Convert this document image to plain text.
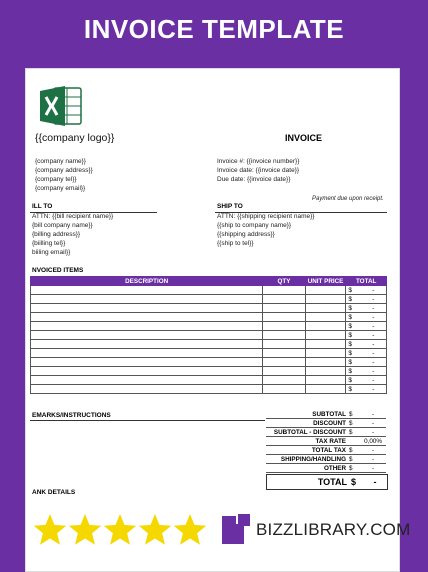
INVOICE TEMPLATE
{{company logo}}	INVOICE
{company name}}
{company address}}
{company tel}}
{company email}}
Invoice #: {{invoice number}}
Invoice date: {{invoice date}}
Due date: {{invoice date}}
Payment due upon receipt.
ILL TO
ATTN: {{bill recipient name}}
{bill company name}}
{billing address}}
{biilling tel}}
biiling email}}
SHIP TO
ATTN: {{shipping recipient name}}
{{ship to company name}}
{{shipping address}}
{{ship to tel}}
NVOICED ITEMS
DESCRIPTION	QTY	UNIT PRICE	TOTAL
			$ -
			$ -
			$ -
			$ -
			$ -
			$ -
			$ -
			$ -
			$ -
			$ -
			$ -
			$ -
EMARKS/INSTRUCTIONS	SUBTOTAL $	-
DISCOUNT $	-
SUBTOTAL - DISCOUNT $	-
TAX RATE	0,00%
TOTAL TAX $	-
SHIPPING/HANDLING $	-
OTHER $	-
TOTAL $	-
ANK DETAILS
BIZZLIBRARY.COM
